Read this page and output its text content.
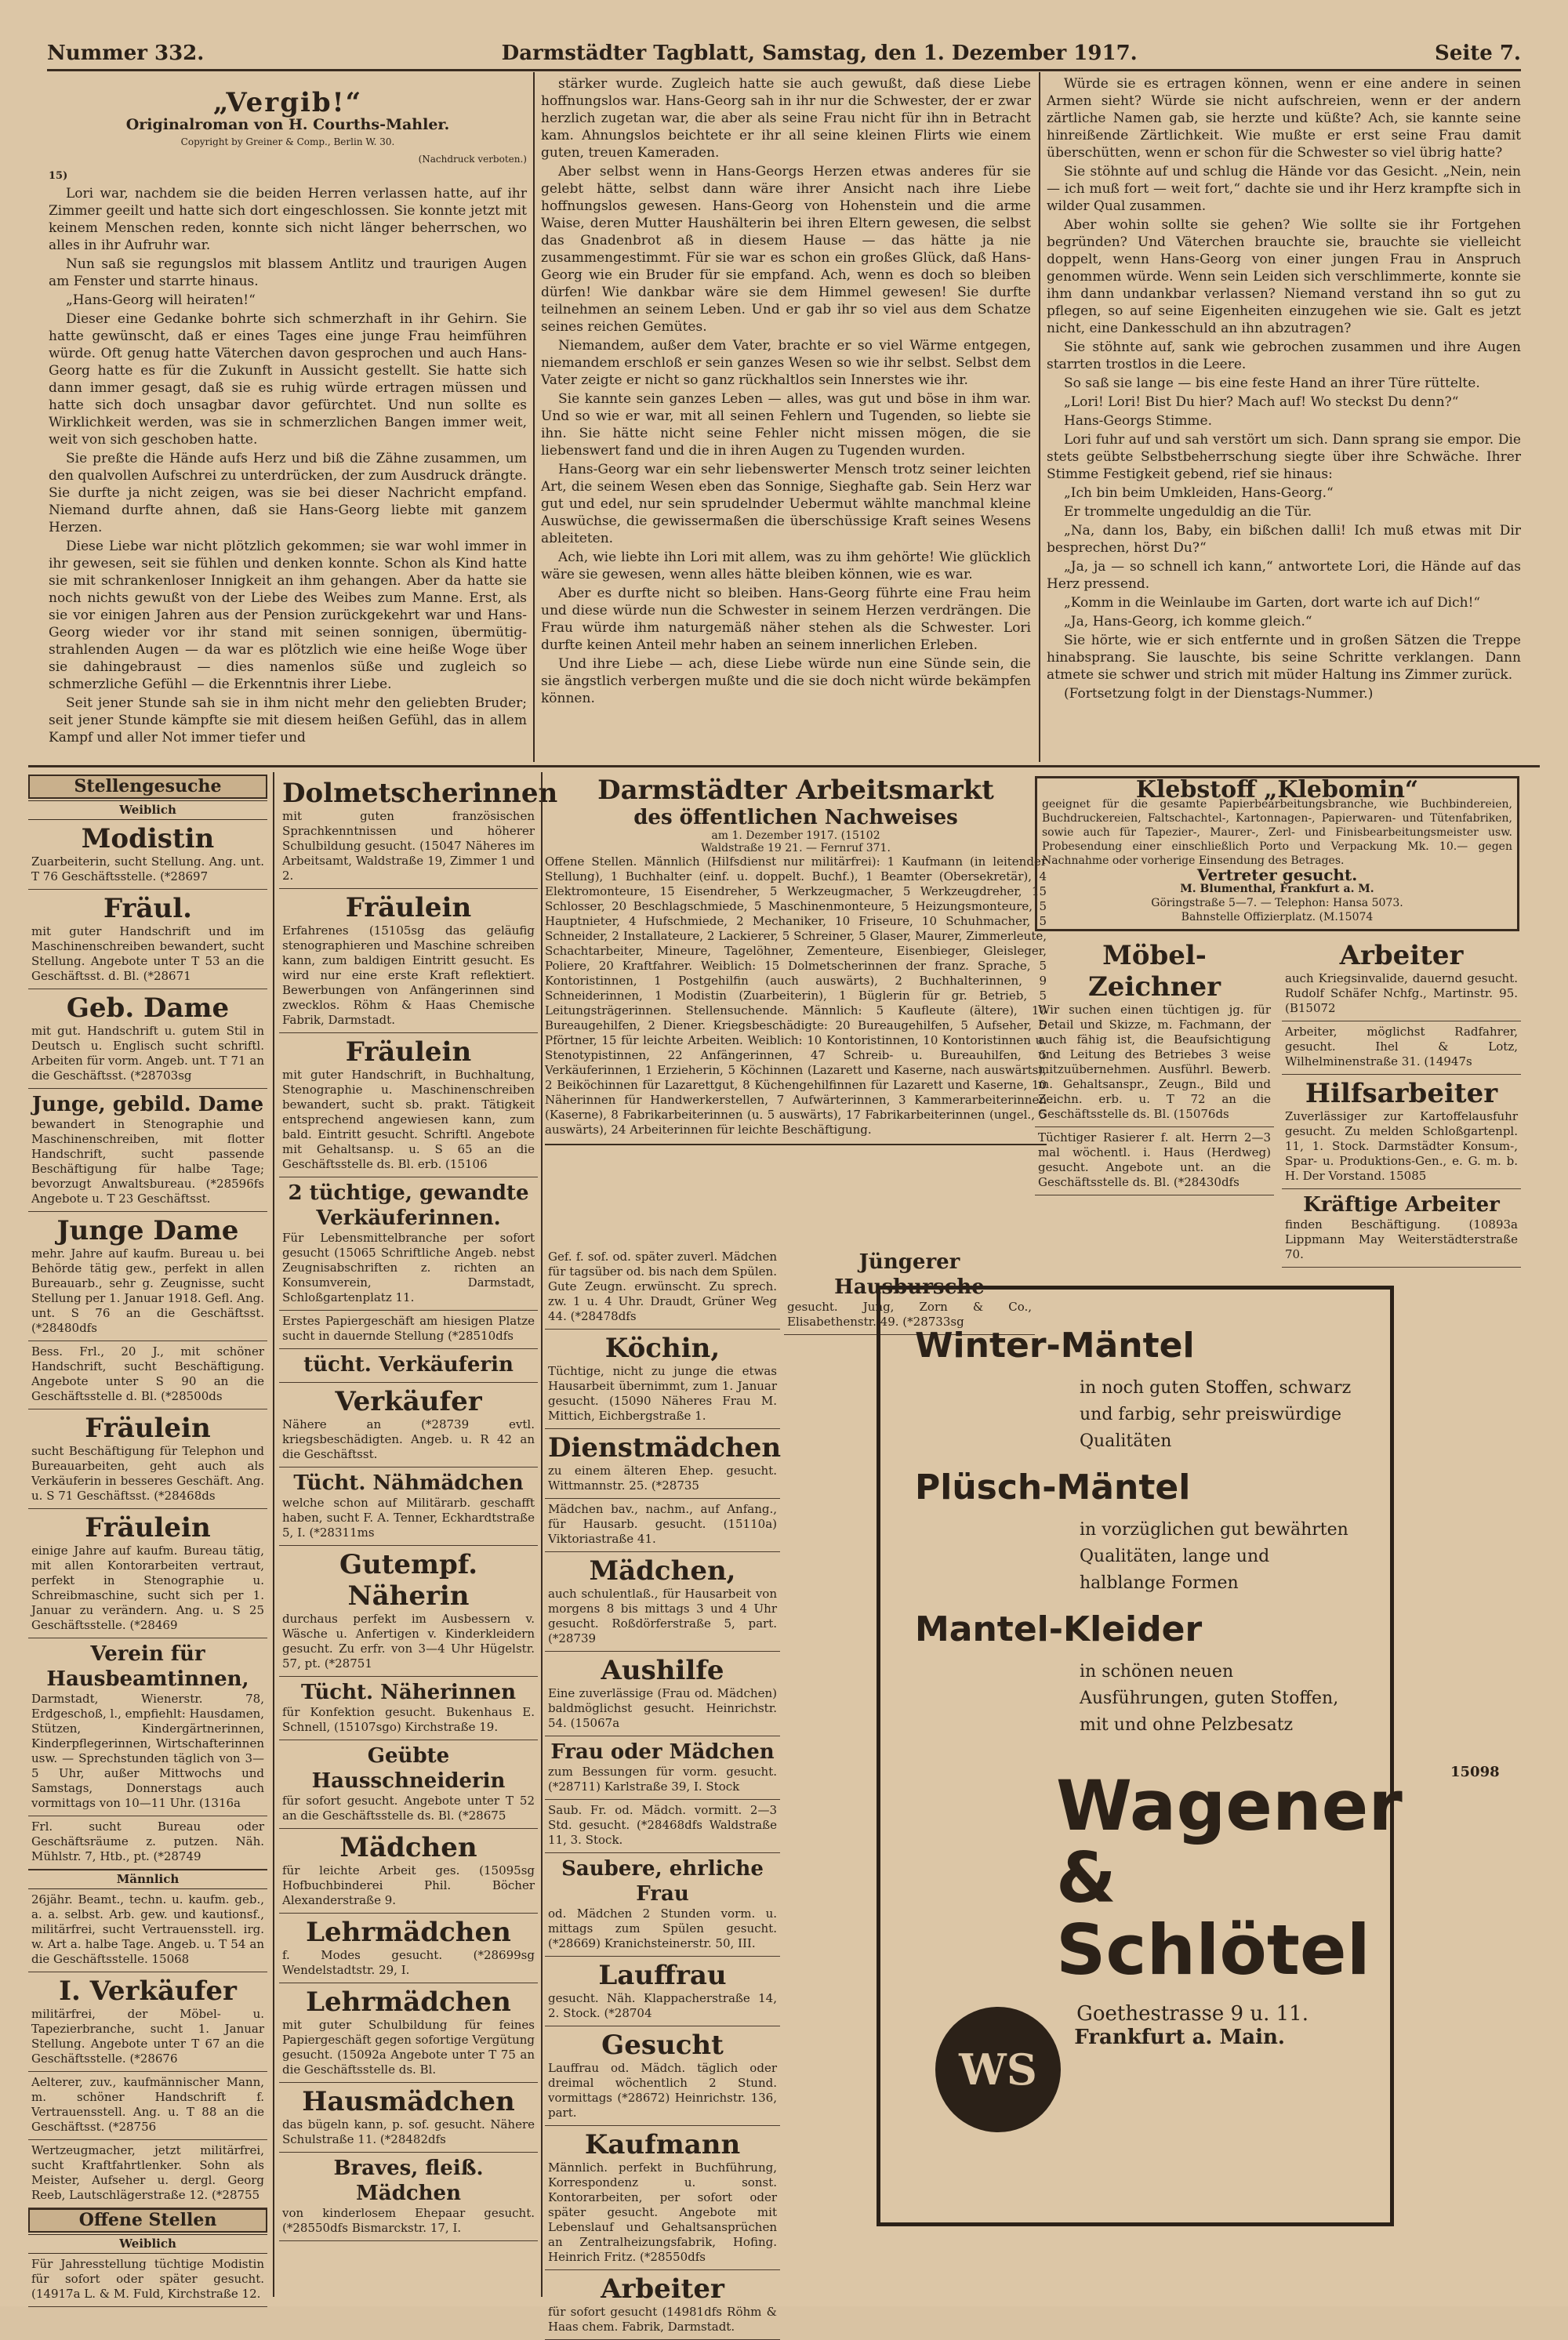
Nummer 332.	Darmstädter Tagblatt, Samstag, den 1. Dezember 1917.	Seite 7.
„Vergib!“
Originalroman von H. Courths-Mahler.
Copyright by Greiner & Comp., Berlin W. 30.
(Nachdruck verboten.)
15)

Lori war, nachdem sie die beiden Herren verlassen hatte, auf ihr Zimmer geeilt und hatte sich dort eingeschlossen. Sie konnte jetzt mit keinem Menschen reden, konnte sich nicht länger beherrschen, wo alles in ihr Aufruhr war.

Nun saß sie regungslos mit blassem Antlitz und traurigen Augen am Fenster und starrte hinaus.

„Hans-Georg will heiraten!“

Dieser eine Gedanke bohrte sich schmerzhaft in ihr Gehirn. Sie hatte gewünscht, daß er eines Tages eine junge Frau heimführen würde. Oft genug hatte Väterchen davon gesprochen und auch Hans-Georg hatte es für die Zukunft in Aussicht gestellt. Sie hatte sich dann immer gesagt, daß sie es ruhig würde ertragen müssen und hatte sich doch unsagbar davor gefürchtet. Und nun sollte es Wirklichkeit werden, was sie in schmerzlichen Bangen immer weit, weit von sich geschoben hatte.

Sie preßte die Hände aufs Herz und biß die Zähne zusammen, um den qualvollen Aufschrei zu unterdrücken, der zum Ausdruck drängte. Sie durfte ja nicht zeigen, was sie bei dieser Nachricht empfand. Niemand durfte ahnen, daß sie Hans-Georg liebte mit ganzem Herzen.

Diese Liebe war nicht plötzlich gekommen; sie war wohl immer in ihr gewesen, seit sie fühlen und denken konnte. Schon als Kind hatte sie mit schrankenloser Innigkeit an ihm gehangen. Aber da hatte sie noch nichts gewußt von der Liebe des Weibes zum Manne. Erst, als sie vor einigen Jahren aus der Pension zurückgekehrt war und Hans-Georg wieder vor ihr stand mit seinen sonnigen, übermütig-strahlenden Augen — da war es plötzlich wie eine heiße Woge über sie dahingebraust — dies namenlos süße und zugleich so schmerzliche Gefühl — die Erkenntnis ihrer Liebe.

Seit jener Stunde sah sie in ihm nicht mehr den geliebten Bruder; seit jener Stunde kämpfte sie mit diesem heißen Gefühl, das in allem Kampf und aller Not immer tiefer und

stärker wurde. Zugleich hatte sie auch gewußt, daß diese Liebe hoffnungslos war. Hans-Georg sah in ihr nur die Schwester, der er zwar herzlich zugetan war, die aber als seine Frau nicht für ihn in Betracht kam. Ahnungslos beichtete er ihr all seine kleinen Flirts wie einem guten, treuen Kameraden.

Aber selbst wenn in Hans-Georgs Herzen etwas anderes für sie gelebt hätte, selbst dann wäre ihrer Ansicht nach ihre Liebe hoffnungslos gewesen. Hans-Georg von Hohenstein und die arme Waise, deren Mutter Haushälterin bei ihren Eltern gewesen, die selbst das Gnadenbrot aß in diesem Hause — das hätte ja nie zusammengestimmt. Für sie war es schon ein großes Glück, daß Hans-Georg wie ein Bruder für sie empfand. Ach, wenn es doch so bleiben dürfen! Wie dankbar wäre sie dem Himmel gewesen! Sie durfte teilnehmen an seinem Leben. Und er gab ihr so viel aus dem Schatze seines reichen Gemütes.

Niemandem, außer dem Vater, brachte er so viel Wärme entgegen, niemandem erschloß er sein ganzes Wesen so wie ihr selbst. Selbst dem Vater zeigte er nicht so ganz rückhaltlos sein Innerstes wie ihr.

Sie kannte sein ganzes Leben — alles, was gut und böse in ihm war. Und so wie er war, mit all seinen Fehlern und Tugenden, so liebte sie ihn. Sie hätte nicht seine Fehler nicht missen mögen, die sie liebenswert fand und die in ihren Augen zu Tugenden wurden.

Hans-Georg war ein sehr liebenswerter Mensch trotz seiner leichten Art, die seinem Wesen eben das Sonnige, Sieghafte gab. Sein Herz war gut und edel, nur sein sprudelnder Uebermut wählte manchmal kleine Auswüchse, die gewissermaßen die überschüssige Kraft seines Wesens ableiteten.

Ach, wie liebte ihn Lori mit allem, was zu ihm gehörte! Wie glücklich wäre sie gewesen, wenn alles hätte bleiben können, wie es war.

Aber es durfte nicht so bleiben. Hans-Georg führte eine Frau heim und diese würde nun die Schwester in seinem Herzen verdrängen. Die Frau würde ihm naturgemäß näher stehen als die Schwester. Lori durfte keinen Anteil mehr haben an seinem innerlichen Erleben.

Und ihre Liebe — ach, diese Liebe würde nun eine Sünde sein, die sie ängstlich verbergen mußte und die sie doch nicht würde bekämpfen können.

Würde sie es ertragen können, wenn er eine andere in seinen Armen sieht? Würde sie nicht aufschreien, wenn er der andern zärtliche Namen gab, sie herzte und küßte? Ach, sie kannte seine hinreißende Zärtlichkeit. Wie mußte er erst seine Frau damit überschütten, wenn er schon für die Schwester so viel übrig hatte?

Sie stöhnte auf und schlug die Hände vor das Gesicht. „Nein, nein — ich muß fort — weit fort,“ dachte sie und ihr Herz krampfte sich in wilder Qual zusammen.

Aber wohin sollte sie gehen? Wie sollte sie ihr Fortgehen begründen? Und Väterchen brauchte sie, brauchte sie vielleicht doppelt, wenn Hans-Georg von einer jungen Frau in Anspruch genommen würde. Wenn sein Leiden sich verschlimmerte, konnte sie ihm dann undankbar verlassen? Niemand verstand ihn so gut zu pflegen, so auf seine Eigenheiten einzugehen wie sie. Galt es jetzt nicht, eine Dankesschuld an ihn abzutragen?

Sie stöhnte auf, sank wie gebrochen zusammen und ihre Augen starrten trostlos in die Leere.

So saß sie lange — bis eine feste Hand an ihrer Türe rüttelte.

„Lori! Lori! Bist Du hier? Mach auf! Wo steckst Du denn?“

Hans-Georgs Stimme.

Lori fuhr auf und sah verstört um sich. Dann sprang sie empor. Die stets geübte Selbstbeherrschung siegte über ihre Schwäche. Ihrer Stimme Festigkeit gebend, rief sie hinaus:

„Ich bin beim Umkleiden, Hans-Georg.“

Er trommelte ungeduldig an die Tür.

„Na, dann los, Baby, ein bißchen dalli! Ich muß etwas mit Dir besprechen, hörst Du?“

„Ja, ja — so schnell ich kann,“ antwortete Lori, die Hände auf das Herz pressend.

„Komm in die Weinlaube im Garten, dort warte ich auf Dich!“

„Ja, Hans-Georg, ich komme gleich.“

Sie hörte, wie er sich entfernte und in großen Sätzen die Treppe hinabsprang. Sie lauschte, bis seine Schritte verklangen. Dann atmete sie schwer und strich mit müder Haltung ins Zimmer zurück.

(Fortsetzung folgt in der Dienstags-Nummer.)

Stellengesuche
Weiblich
Modistin
Zuarbeiterin, sucht Stellung. Ang. unt. T 76 Geschäftsstelle. (*28697
Fräul.
mit guter Handschrift und im Maschinenschreiben bewandert, sucht Stellung. Angebote unter T 53 an die Geschäftsst. d. Bl. (*28671
Geb. Dame
mit gut. Handschrift u. gutem Stil in Deutsch u. Englisch sucht schriftl. Arbeiten für vorm. Angeb. unt. T 71 an die Geschäftsst. (*28703sg
Junge, gebild. Dame
bewandert in Stenographie und Maschinenschreiben, mit flotter Handschrift, sucht passende Beschäftigung für halbe Tage; bevorzugt Anwaltsbureau. (*28596fs Angebote u. T 23 Geschäftsst.
Junge Dame
mehr. Jahre auf kaufm. Bureau u. bei Behörde tätig gew., perfekt in allen Bureauarb., sehr g. Zeugnisse, sucht Stellung per 1. Januar 1918. Gefl. Ang. unt. S 76 an die Geschäftsst. (*28480dfs
Bess. Frl., 20 J., mit schöner Handschrift, sucht Beschäftigung. Angebote unter S 90 an die Geschäftsstelle d. Bl. (*28500ds
Fräulein
sucht Beschäftigung für Telephon und Bureauarbeiten, geht auch als Verkäuferin in besseres Geschäft. Ang. u. S 71 Geschäftsst. (*28468ds
Fräulein
einige Jahre auf kaufm. Bureau tätig, mit allen Kontorarbeiten vertraut, perfekt in Stenographie u. Schreibmaschine, sucht sich per 1. Januar zu verändern. Ang. u. S 25 Geschäftsstelle. (*28469
Verein für Hausbeamtinnen,
Darmstadt, Wienerstr. 78, Erdgeschoß, l., empfiehlt: Hausdamen, Stützen, Kindergärtnerinnen, Kinderpflegerinnen, Wirtschafterinnen usw. — Sprechstunden täglich von 3—5 Uhr, außer Mittwochs und Samstags, Donnerstags auch vormittags von 10—11 Uhr. (1316a
Frl. sucht Bureau oder Geschäftsräume z. putzen. Näh. Mühlstr. 7, Htb., pt. (*28749
Männlich
26jähr. Beamt., techn. u. kaufm. geb., a. a. selbst. Arb. gew. und kautionsf., militärfrei, sucht Vertrauensstell. irg. w. Art a. halbe Tage. Angeb. u. T 54 an die Geschäftsstelle. 15068
I. Verkäufer
militärfrei, der Möbel- u. Tapezierbranche, sucht 1. Januar Stellung. Angebote unter T 67 an die Geschäftsstelle. (*28676
Aelterer, zuv., kaufmännischer Mann, m. schöner Handschrift f. Vertrauensstell. Ang. u. T 88 an die Geschäftsst. (*28756
Wertzeugmacher, jetzt militärfrei, sucht Kraftfahrtlenker. Sohn als Meister, Aufseher u. dergl. Georg Reeb, Lautschlägerstraße 12. (*28755
Offene Stellen
Weiblich
Für Jahresstellung tüchtige Modistin für sofort oder später gesucht. (14917a L. & M. Fuld, Kirchstraße 12.
Dolmetscherinnen
mit guten französischen Sprachkenntnissen und höherer Schulbildung gesucht. (15047 Näheres im Arbeitsamt, Waldstraße 19, Zimmer 1 und 2.
Fräulein
Erfahrenes (15105sg das geläufig stenographieren und Maschine schreiben kann, zum baldigen Eintritt gesucht. Es wird nur eine erste Kraft reflektiert. Bewerbungen von Anfängerinnen sind zwecklos. Röhm & Haas Chemische Fabrik, Darmstadt.
Fräulein
mit guter Handschrift, in Buchhaltung, Stenographie u. Maschinenschreiben bewandert, sucht sb. prakt. Tätigkeit entsprechend angewiesen kann, zum bald. Eintritt gesucht. Schriftl. Angebote mit Gehaltsansp. u. S 65 an die Geschäftsstelle ds. Bl. erb. (15106
2 tüchtige, gewandte Verkäuferinnen.
Für Lebensmittelbranche per sofort gesucht (15065 Schriftliche Angeb. nebst Zeugnisabschriften z. richten an Konsumverein, Darmstadt, Schloßgartenplatz 11.
Erstes Papiergeschäft am hiesigen Platze sucht in dauernde Stellung (*28510dfs
tücht. Verkäuferin
Verkäufer
Nähere an (*28739 evtl. kriegsbeschädigten. Angeb. u. R 42 an die Geschäftsst.
Tücht. Nähmädchen
welche schon auf Militärarb. geschafft haben, sucht F. A. Tenner, Eckhardtstraße 5, I. (*28311ms
Gutempf. Näherin
durchaus perfekt im Ausbessern v. Wäsche u. Anfertigen v. Kinderkleidern gesucht. Zu erfr. von 3—4 Uhr Hügelstr. 57, pt. (*28751
Tücht. Näherinnen
für Konfektion gesucht. Bukenhaus E. Schnell, (15107sgo) Kirchstraße 19.
Geübte Hausschneiderin
für sofort gesucht. Angebote unter T 52 an die Geschäftsstelle ds. Bl. (*28675
Mädchen
für leichte Arbeit ges. (15095sg Hofbuchbinderei Phil. Böcher Alexanderstraße 9.
Lehrmädchen
f. Modes gesucht. (*28699sg Wendelstadtstr. 29, I.
Lehrmädchen
mit guter Schulbildung für feines Papiergeschäft gegen sofortige Vergütung gesucht. (15092a Angebote unter T 75 an die Geschäftsstelle ds. Bl.
Hausmädchen
das bügeln kann, p. sof. gesucht. Nähere Schulstraße 11. (*28482dfs
Braves, fleiß. Mädchen
von kinderlosem Ehepaar gesucht. (*28550dfs Bismarckstr. 17, I.
Darmstädter Arbeitsmarkt
des öffentlichen Nachweises
am 1. Dezember 1917. (15102
Waldstraße 19 21. — Fernruf 371.
Offene Stellen. Männlich (Hilfsdienst nur militärfrei): 1 Kaufmann (in leitender Stellung), 1 Buchhalter (einf. u. doppelt. Buchf.), 1 Beamter (Obersekretär), 4 Elektromonteure, 15 Eisendreher, 5 Werkzeugmacher, 5 Werkzeugdreher, 15 Schlosser, 20 Beschlagschmiede, 5 Maschinenmonteure, 5 Heizungsmonteure, 5 Hauptnieter, 4 Hufschmiede, 2 Mechaniker, 10 Friseure, 10 Schuhmacher, 5 Schneider, 2 Installateure, 2 Lackierer, 5 Schreiner, 5 Glaser, Maurer, Zimmerleute, Schachtarbeiter, Mineure, Tagelöhner, Zementeure, Eisenbieger, Gleisleger, Poliere, 20 Kraftfahrer. Weiblich: 15 Dolmetscherinnen der franz. Sprache, 5 Kontoristinnen, 1 Postgehilfin (auch auswärts), 2 Buchhalterinnen, 9 Schneiderinnen, 1 Modistin (Zuarbeiterin), 1 Büglerin für gr. Betrieb, 5 Leitungsträgerinnen. Stellensuchende. Männlich: 5 Kaufleute (ältere), 10 Bureaugehilfen, 2 Diener. Kriegsbeschädigte: 20 Bureaugehilfen, 5 Aufseher, 5 Pförtner, 15 für leichte Arbeiten. Weiblich: 10 Kontoristinnen, 10 Kontoristinnen u. Stenotypistinnen, 22 Anfängerinnen, 47 Schreib- u. Bureauhilfen, 5 Verkäuferinnen, 1 Erzieherin, 5 Köchinnen (Lazarett und Kaserne, nach auswärts), 2 Beiköchinnen für Lazarettgut, 8 Küchengehilfinnen für Lazarett und Kaserne, 10 Näherinnen für Handwerkerstellen, 7 Aufwärterinnen, 3 Kammerarbeiterinnen (Kaserne), 8 Fabrikarbeiterinnen (u. 5 auswärts), 17 Fabrikarbeiterinnen (ungel., 5 auswärts), 24 Arbeiterinnen für leichte Beschäftigung.
Gef. f. sof. od. später zuverl. Mädchen für tagsüber od. bis nach dem Spülen. Gute Zeugn. erwünscht. Zu sprech. zw. 1 u. 4 Uhr. Draudt, Grüner Weg 44. (*28478dfs
Köchin,
Tüchtige, nicht zu junge die etwas Hausarbeit übernimmt, zum 1. Januar gesucht. (15090 Näheres Frau M. Mittich, Eichbergstraße 1.
Dienstmädchen
zu einem älteren Ehep. gesucht. Wittmannstr. 25. (*28735
Mädchen bav., nachm., auf Anfang., für Hausarb. gesucht. (15110a) Viktoriastraße 41.
Mädchen,
auch schulentlaß., für Hausarbeit von morgens 8 bis mittags 3 und 4 Uhr gesucht. Roßdörferstraße 5, part. (*28739
Aushilfe
Eine zuverlässige (Frau od. Mädchen) baldmöglichst gesucht. Heinrichstr. 54. (15067a
Frau oder Mädchen
zum Bessungen für vorm. gesucht. (*28711) Karlstraße 39, I. Stock
Saub. Fr. od. Mädch. vormitt. 2—3 Std. gesucht. (*28468dfs Waldstraße 11, 3. Stock.
Saubere, ehrliche Frau
od. Mädchen 2 Stunden vorm. u. mittags zum Spülen gesucht. (*28669) Kranichsteinerstr. 50, III.
Lauffrau
gesucht. Näh. Klappacherstraße 14, 2. Stock. (*28704
Gesucht
Lauffrau od. Mädch. täglich oder dreimal wöchentlich 2 Stund. vormittags (*28672) Heinrichstr. 136, part.
Kaufmann
Männlich. perfekt in Buchführung, Korrespondenz u. sonst. Kontorarbeiten, per sofort oder später gesucht. Angebote mit Lebenslauf und Gehaltsansprüchen an Zentralheizungsfabrik, Hofing. Heinrich Fritz. (*28550dfs
Arbeiter
für sofort gesucht (14981dfs Röhm & Haas chem. Fabrik, Darmstadt.
Jüngerer Hausbursche
gesucht. Jung, Zorn & Co., Elisabethenstr. 49. (*28733sg
Klebstoff „Klebomin“
geeignet für die gesamte Papierbearbeitungsbranche, wie Buchbindereien, Buchdruckereien, Faltschachtel-, Kartonnagen-, Papierwaren- und Tütenfabriken, sowie auch für Tapezier-, Maurer-, Zerl- und Finisbearbeitungsmeister usw. Probesendung einer einschließlich Porto und Verpackung Mk. 10.— gegen Nachnahme oder vorherige Einsendung des Betrages.
Vertreter gesucht.
M. Blumenthal, Frankfurt a. M.
Göringstraße 5—7. — Telephon: Hansa 5073.
Bahnstelle Offizierplatz. (M.15074
Möbel-Zeichner
Wir suchen einen tüchtigen jg. für Detail und Skizze, m. Fachmann, der auch fähig ist, die Beaufsichtigung und Leitung des Betriebes 3 weise mitzuübernehmen. Ausführl. Bewerb. m. Gehaltsanspr., Zeugn., Bild und Zeichn. erb. u. T 72 an die Geschäftsstelle ds. Bl. (15076ds
Tüchtiger Rasierer f. alt. Herrn 2—3 mal wöchentl. i. Haus (Herdweg) gesucht. Angebote unt. an die Geschäftsstelle ds. Bl. (*28430dfs
Arbeiter
auch Kriegsinvalide, dauernd gesucht. Rudolf Schäfer Nchfg., Martinstr. 95. (B15072
Arbeiter, möglichst Radfahrer, gesucht. Ihel & Lotz, Wilhelminenstraße 31. (14947s
Hilfsarbeiter
Zuverlässiger zur Kartoffelausfuhr gesucht. Zu melden Schloßgartenpl. 11, 1. Stock. Darmstädter Konsum-, Spar- u. Produktions-Gen., e. G. m. b. H. Der Vorstand. 15085
Kräftige Arbeiter
finden Beschäftigung. (10893a Lippmann May Weiterstädterstraße 70.
Winter-Mäntel
in noch guten Stoffen, schwarz und farbig, sehr preiswürdige Qualitäten
Plüsch-Mäntel
in vorzüglichen gut bewährten Qualitäten, lange und halblange Formen
Mantel-Kleider
in schönen neuen Ausführungen, guten Stoffen, mit und ohne Pelzbesatz
Wagener
& Schlötel
WS
Goethestrasse 9 u. 11.
Frankfurt a. Main.
15098
